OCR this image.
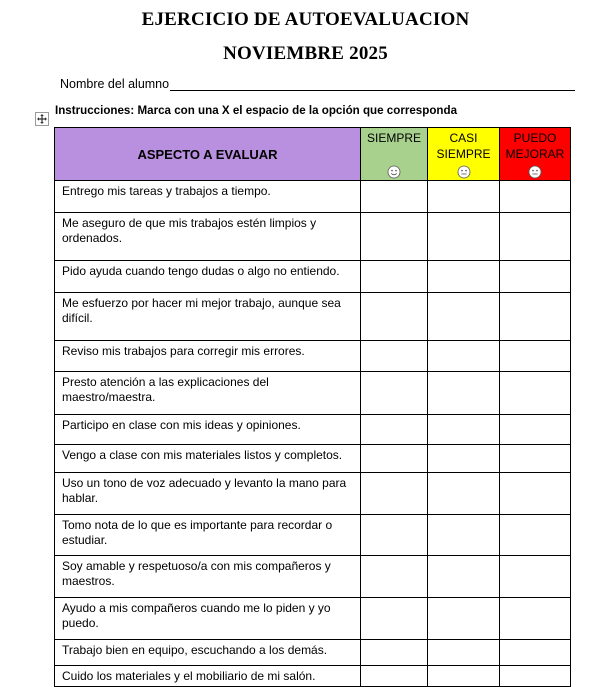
EJERCICIO DE AUTOEVALUACION
NOVIEMBRE 2025
Nombre del alumno
Instrucciones: Marca con una X el espacio de la opción que corresponda
ASPECTO A EVALUAR	SIEMPRE	CASI SIEMPRE	PUEDO MEJORAR

Entrego mis tareas y trabajos a tiempo.			
Me aseguro de que mis trabajos estén limpios y ordenados.			
Pido ayuda cuando tengo dudas o algo no entiendo.			
Me esfuerzo por hacer mi mejor trabajo, aunque sea difícil.			
Reviso mis trabajos para corregir mis errores.			
Presto atención a las explicaciones del maestro/maestra.			
Participo en clase con mis ideas y opiniones.			
Vengo a clase con mis materiales listos y completos.			
Uso un tono de voz adecuado y levanto la mano para hablar.			
Tomo nota de lo que es importante para recordar o estudiar.			
Soy amable y respetuoso/a con mis compañeros y maestros.			
Ayudo a mis compañeros cuando me lo piden y yo puedo.			
Trabajo bien en equipo, escuchando a los demás.			
Cuido los materiales y el mobiliario de mi salón.			
